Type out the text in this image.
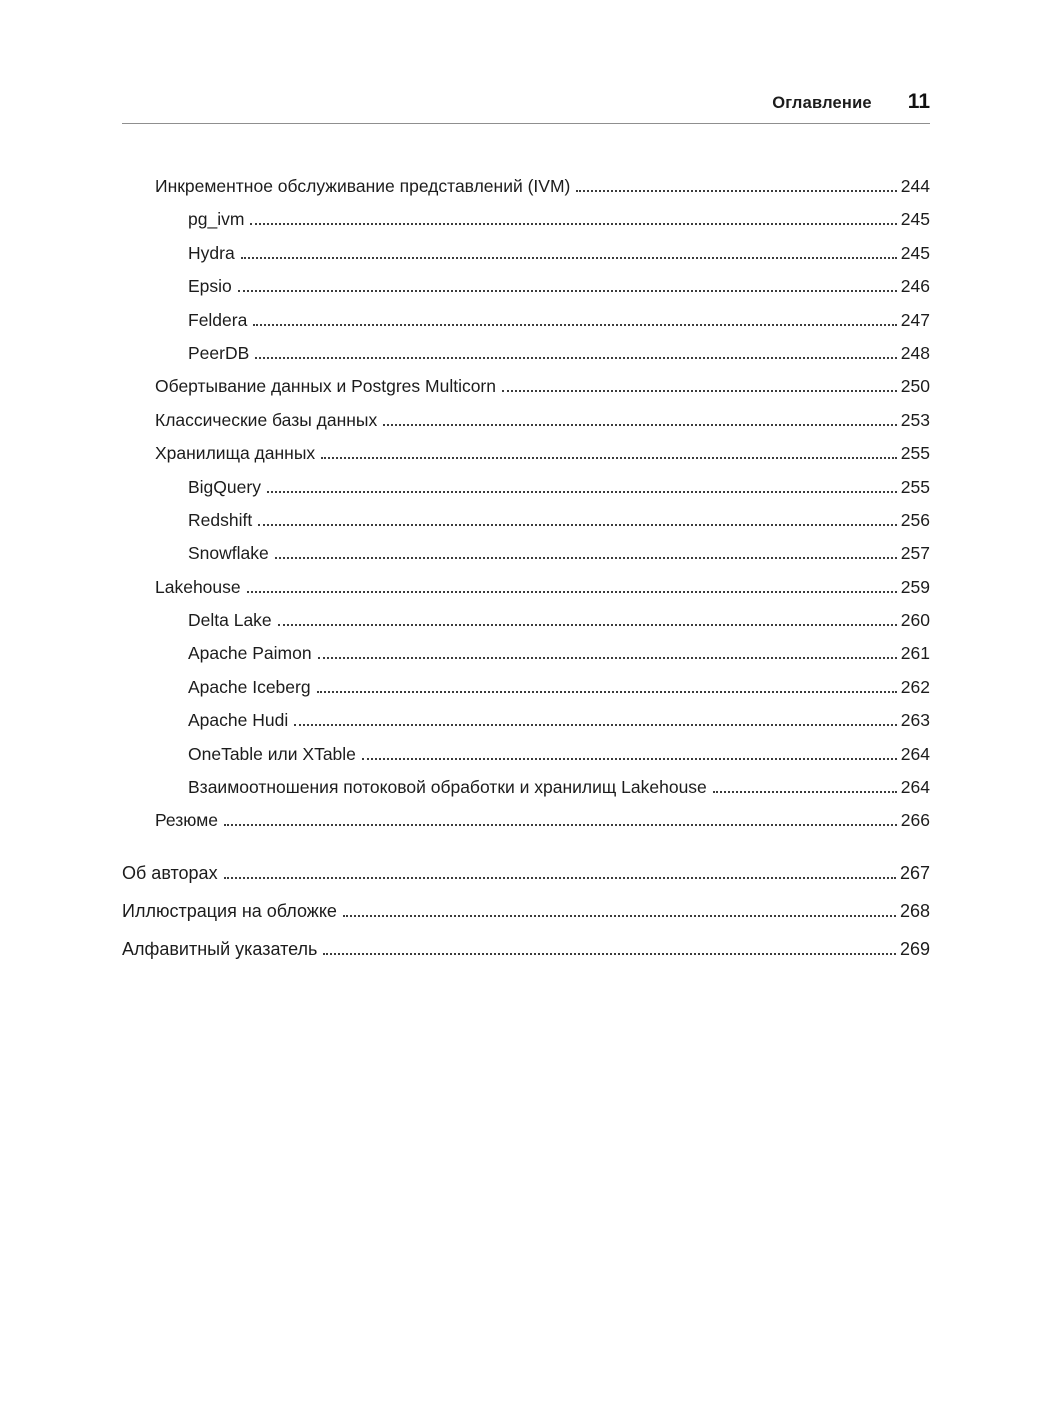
Оглавление 11
Инкрементное обслуживание представлений (IVM)	244
pg_ivm	245
Hydra	245
Epsio	246
Feldera	247
PeerDB	248
Обертывание данных и Postgres Multicorn	250
Классические базы данных	253
Хранилища данных	255
BigQuery	255
Redshift	256
Snowflake	257
Lakehouse	259
Delta Lake	260
Apache Paimon	261
Apache Iceberg	262
Apache Hudi	263
OneTable или XTable	264
Взаимоотношения потоковой обработки и хранилищ Lakehouse	264
Резюме	266
Об авторах	267
Иллюстрация на обложке	268
Алфавитный указатель	269
